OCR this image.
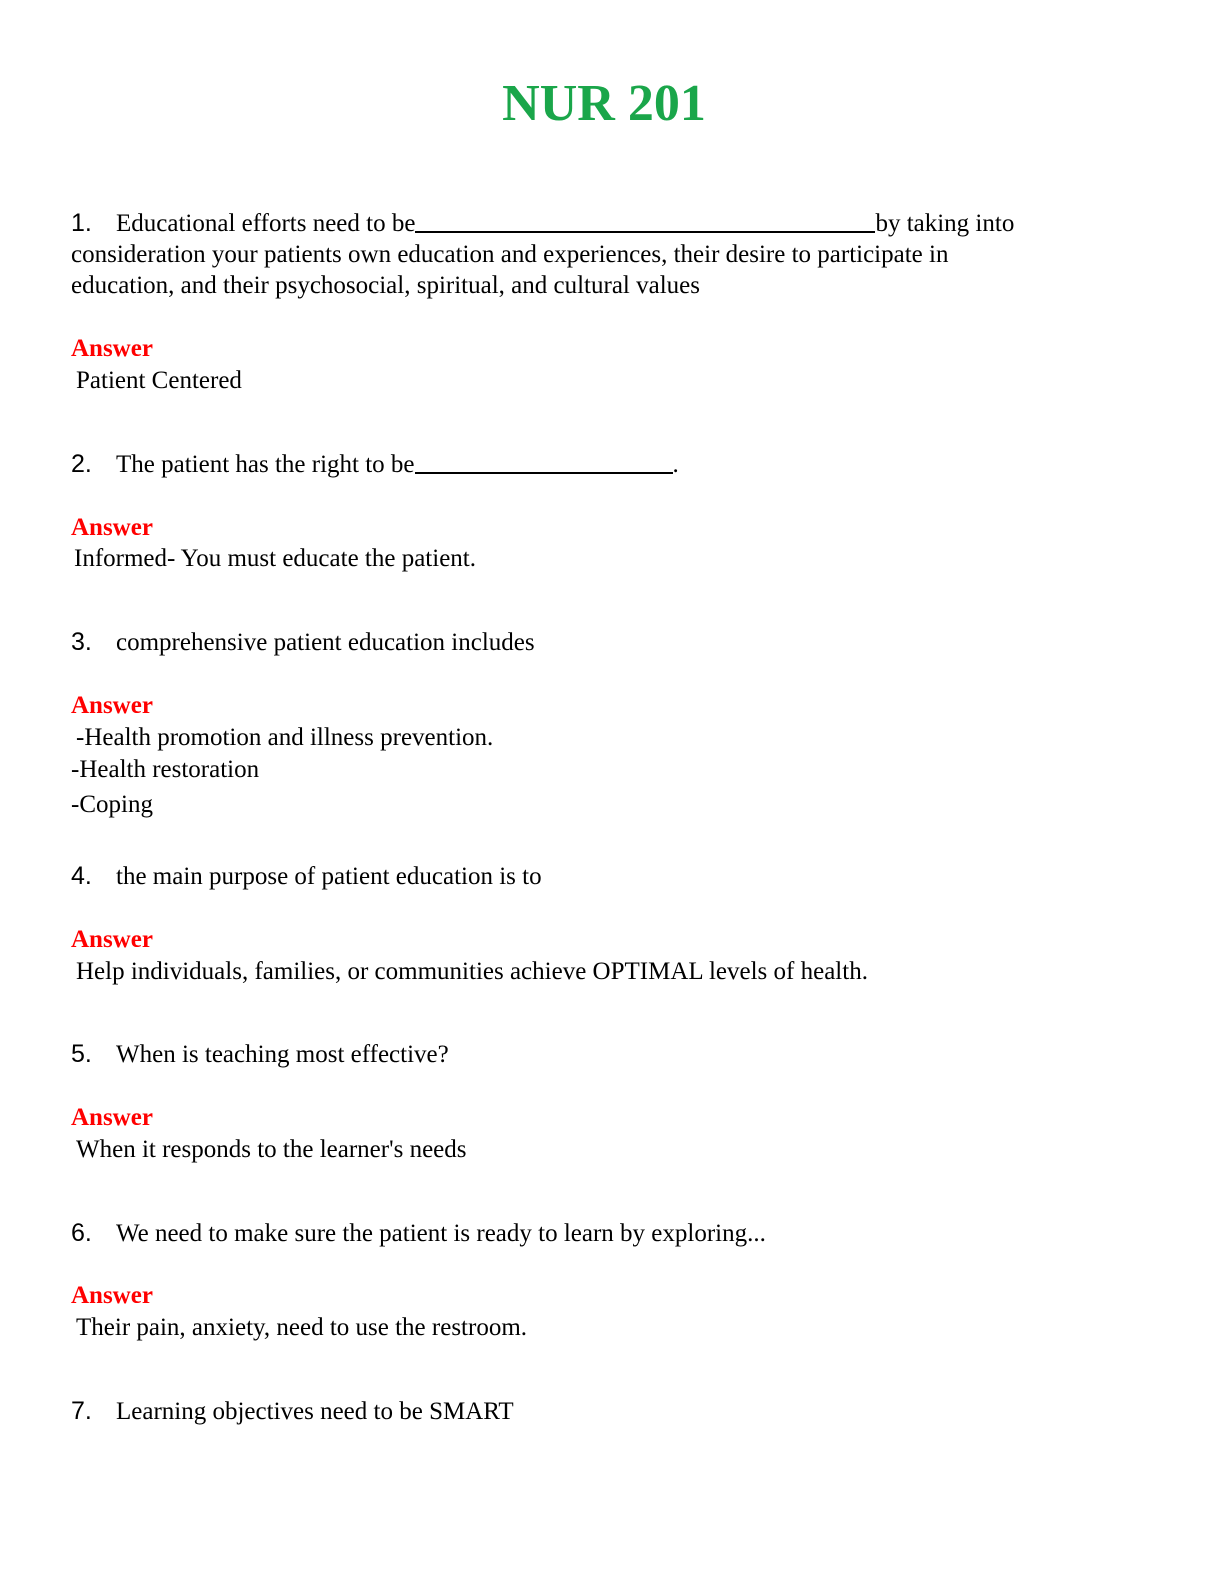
NUR 201
1. Educational efforts need to be	by taking into
consideration your patients own education and experiences, their desire to participate in
education, and their psychosocial, spiritual, and cultural values
Answer
Patient Centered
2. The patient has the right to be	.
Answer
Informed- You must educate the patient.
3. comprehensive patient education includes
Answer
-Health promotion and illness prevention.
-Health restoration
-Coping
4. the main purpose of patient education is to
Answer
Help individuals, families, or communities achieve OPTIMAL levels of health.
5. When is teaching most effective?
Answer
When it responds to the learner's needs
6. We need to make sure the patient is ready to learn by exploring...
Answer
Their pain, anxiety, need to use the restroom.
7. Learning objectives need to be SMART
